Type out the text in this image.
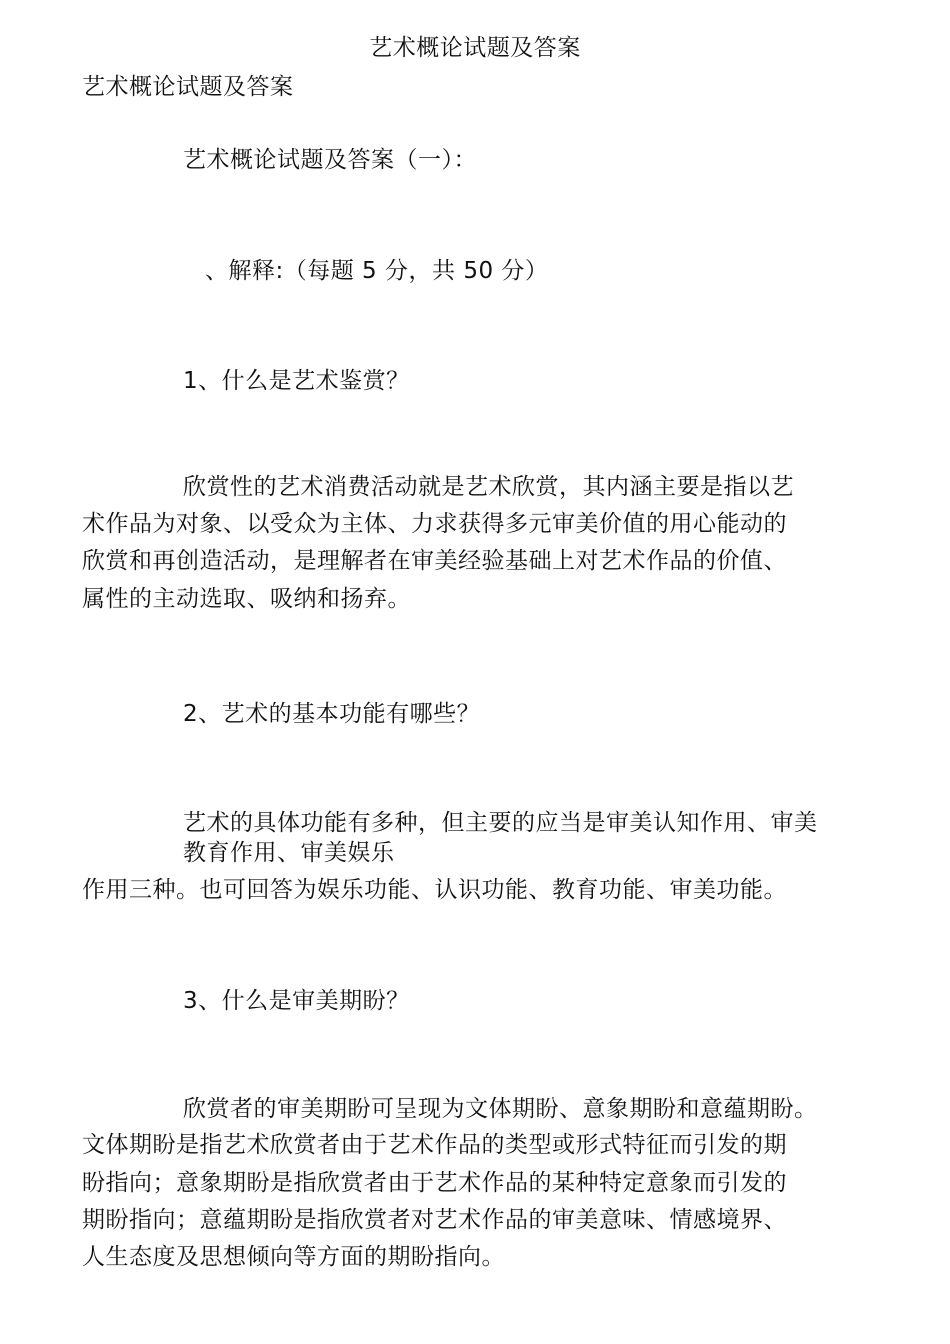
艺术概论试题及答案
艺术概论试题及答案
艺术概论试题及答案（一）：
、解释:（每题 5 分，共 50 分）
1、什么是艺术鉴赏？
欣赏性的艺术消费活动就是艺术欣赏，其内涵主要是指以艺
术作品为对象、以受众为主体、力求获得多元审美价值的用心能动的
欣赏和再创造活动，是理解者在审美经验基础上对艺术作品的价值、
属性的主动选取、吸纳和扬弃。
2、艺术的基本功能有哪些？
艺术的具体功能有多种，但主要的应当是审美认知作用、审美
教育作用、审美娱乐
作用三种。也可回答为娱乐功能、认识功能、教育功能、审美功能。
3、什么是审美期盼？
欣赏者的审美期盼可呈现为文体期盼、意象期盼和意蕴期盼。
文体期盼是指艺术欣赏者由于艺术作品的类型或形式特征而引发的期
盼指向；意象期盼是指欣赏者由于艺术作品的某种特定意象而引发的
期盼指向；意蕴期盼是指欣赏者对艺术作品的审美意味、情感境界、
人生态度及思想倾向等方面的期盼指向。
